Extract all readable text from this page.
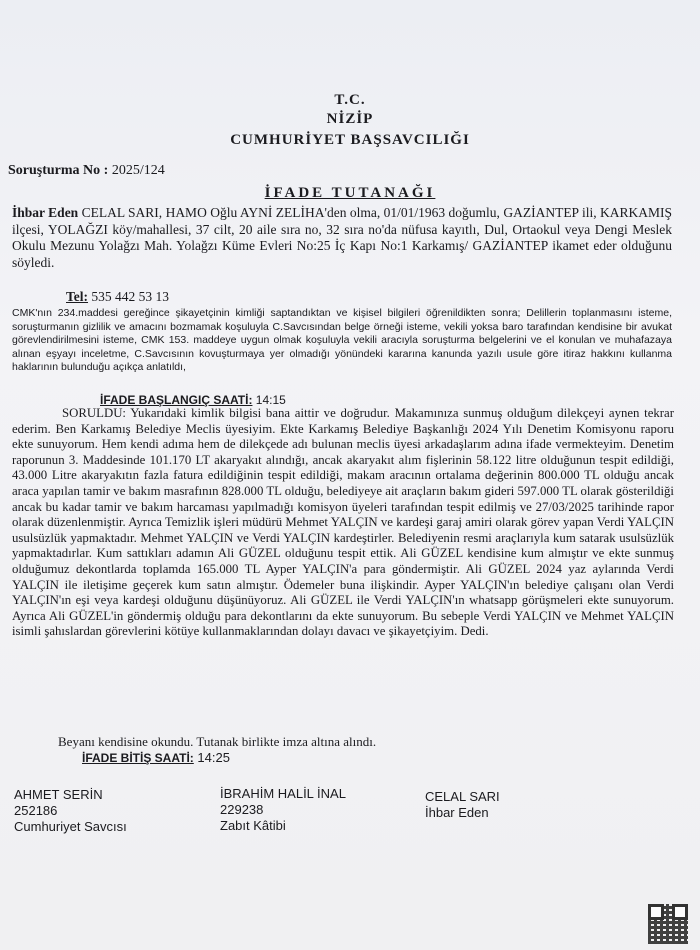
T.C.
NİZİP
CUMHURİYET BAŞSAVCILIĞI
Soruşturma No : 2025/124
İFADE TUTANAĞI
İhbar Eden CELAL SARI, HAMO Oğlu AYNİ ZELİHA'den olma, 01/01/1963 doğumlu, GAZİANTEP ili, KARKAMIŞ ilçesi, YOLAĞZI köy/mahallesi, 37 cilt, 20 aile sıra no, 32 sıra no'da nüfusa kayıtlı, Dul, Ortaokul veya Dengi Meslek Okulu Mezunu Yolağzı Mah. Yolağzı Küme Evleri No:25 İç Kapı No:1 Karkamış/ GAZİANTEP ikamet eder olduğunu söyledi.
Tel: 535 442 53 13
CMK'nın 234.maddesi gereğince şikayetçinin kimliği saptandıktan ve kişisel bilgileri öğrenildikten sonra; Delillerin toplanmasını isteme, soruşturmanın gizlilik ve amacını bozmamak koşuluyla C.Savcısından belge örneği isteme, vekili yoksa baro tarafından kendisine bir avukat görevlendirilmesini isteme, CMK 153. maddeye uygun olmak koşuluyla vekili aracıyla soruşturma belgelerini ve el konulan ve muhafazaya alınan eşyayı inceletme, C.Savcısının kovuşturmaya yer olmadığı yönündeki kararına kanunda yazılı usule göre itiraz hakkını kullanma haklarının bulunduğu açıkça anlatıldı,
İFADE BAŞLANGIÇ SAATİ: 14:15

SORULDU: Yukarıdaki kimlik bilgisi bana aittir ve doğrudur. Makamınıza sunmuş olduğum dilekçeyi aynen tekrar ederim. Ben Karkamış Belediye Meclis üyesiyim. Ekte Karkamış Belediye Başkanlığı 2024 Yılı Denetim Komisyonu raporu ekte sunuyorum. Hem kendi adıma hem de dilekçede adı bulunan meclis üyesi arkadaşlarım adına ifade vermekteyim. Denetim raporunun 3. Maddesinde 101.170 LT akaryakıt alındığı, ancak akaryakıt alım fişlerinin 58.122 litre olduğunun tespit edildiği, 43.000 Litre akaryakıtın fazla fatura edildiğinin tespit edildiği, makam aracının ortalama değerinin 800.000 TL olduğu ancak araca yapılan tamir ve bakım masrafının 828.000 TL olduğu, belediyeye ait araçların bakım gideri 597.000 TL olarak gösterildiği ancak bu kadar tamir ve bakım harcaması yapılmadığı komisyon üyeleri tarafından tespit edilmiş ve 27/03/2025 tarihinde rapor olarak düzenlenmiştir. Ayrıca Temizlik işleri müdürü Mehmet YALÇIN ve kardeşi garaj amiri olarak görev yapan Verdi YALÇIN usulsüzlük yapmaktadır. Mehmet YALÇIN ve Verdi YALÇIN kardeştirler. Belediyenin resmi araçlarıyla kum satarak usulsüzlük yapmaktadırlar. Kum sattıkları adamın Ali GÜZEL olduğunu tespit ettik. Ali GÜZEL kendisine kum almıştır ve ekte sunmuş olduğumuz dekontlarda toplamda 165.000 TL Ayper YALÇIN'a para göndermiştir. Ali GÜZEL 2024 yaz aylarında Verdi YALÇIN ile iletişime geçerek kum satın almıştır. Ödemeler buna ilişkindir. Ayper YALÇIN'ın belediye çalışanı olan Verdi YALÇIN'ın eşi veya kardeşi olduğunu düşünüyoruz. Ali GÜZEL ile Verdi YALÇIN'ın whatsapp görüşmeleri ekte sunuyorum. Ayrıca Ali GÜZEL'in göndermiş olduğu para dekontlarını da ekte sunuyorum. Bu sebeple Verdi YALÇIN ve Mehmet YALÇIN isimli şahıslardan görevlerini kötüye kullanmaklarından dolayı davacı ve şikayetçiyim. Dedi.

Beyanı kendisine okundu. Tutanak birlikte imza altına alındı.
İFADE BİTİŞ SAATİ: 14:25
AHMET SERİN
252186
Cumhuriyet Savcısı
İBRAHİM HALİL İNAL
229238
Zabıt Kâtibi
CELAL SARI
İhbar Eden
